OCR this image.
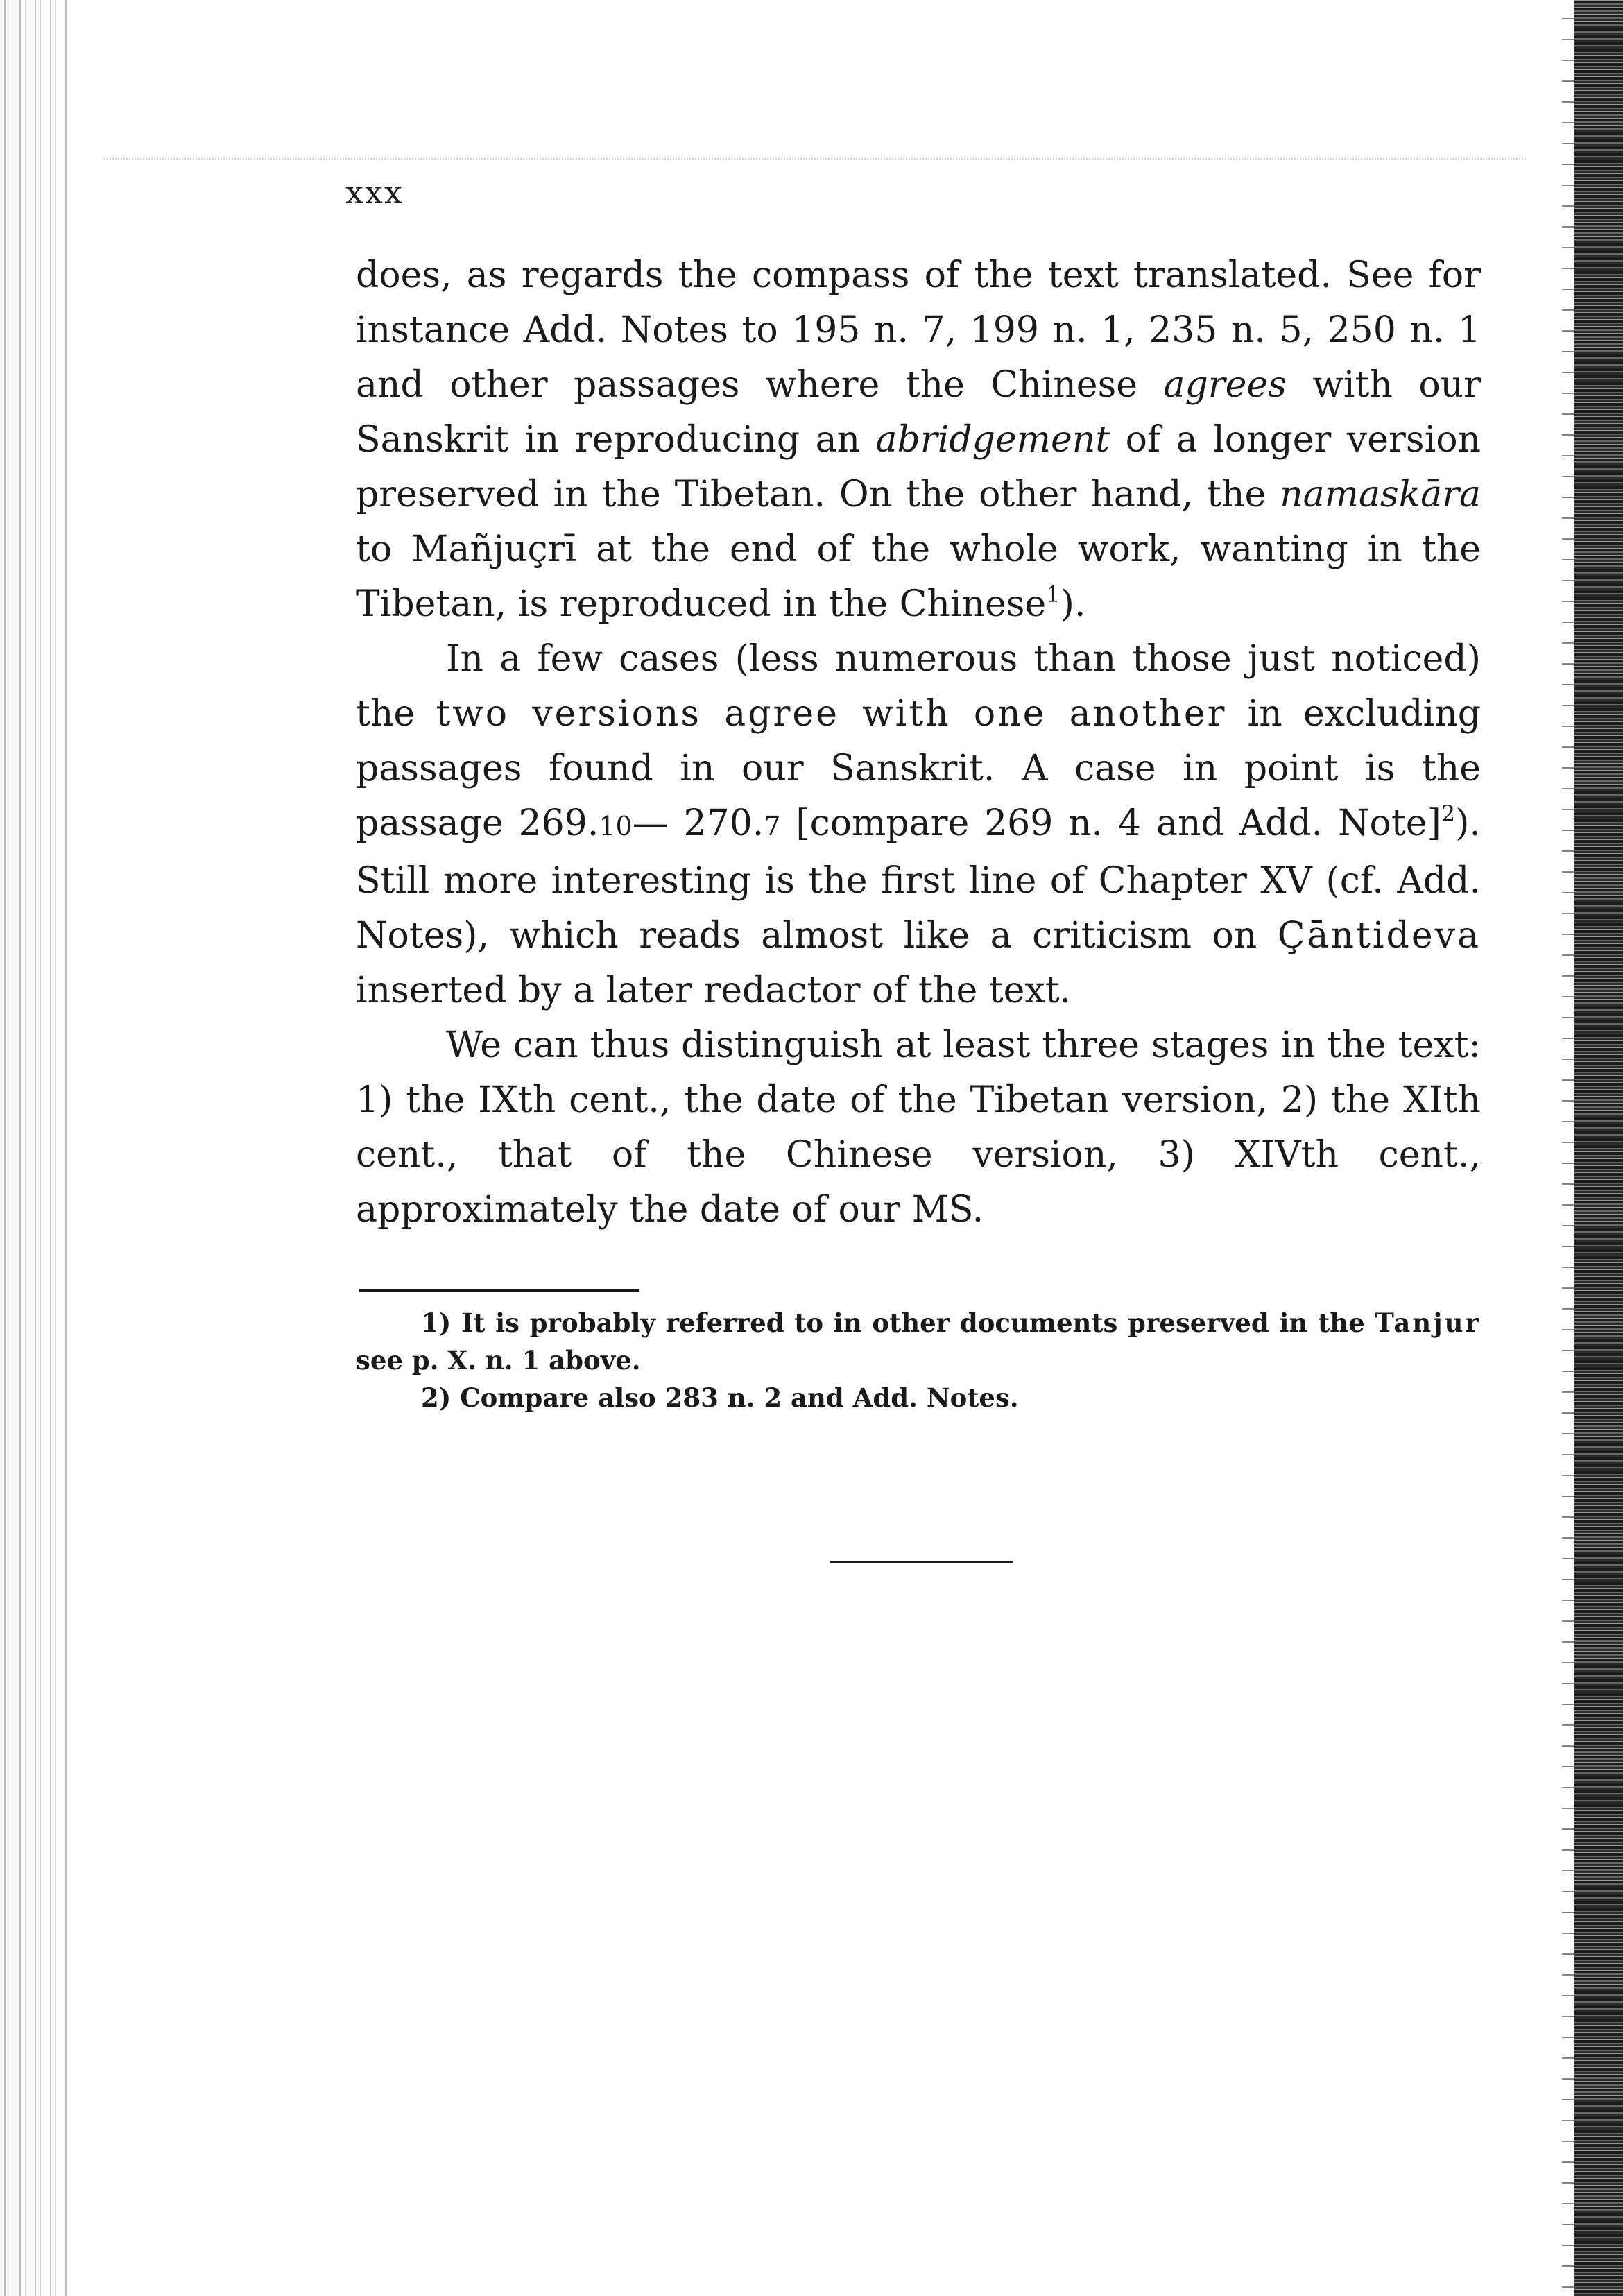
xxx

does, as regards the compass of the text translated. See for instance Add. Notes to 195 n. 7, 199 n. 1, 235 n. 5, 250 n. 1 and other passages where the Chinese agrees with our Sanskrit in reproducing an abridgement of a longer version preserved in the Tibetan. On the other hand, the namaskāra to Mañjuçrī at the end of the whole work, wanting in the Tibetan, is reproduced in the Chinese$^1$).

In a few cases (less numerous than those just noticed) the two versions agree with one another in excluding passages found in our Sanskrit. A case in point is the passage 269.10— 270.7 [compare 269 n. 4 and Add. Note]$^2$). Still more interesting is the first line of Chapter XV (cf. Add. Notes), which reads almost like a criticism on Çāntideva inserted by a later redactor of the text.

We can thus distinguish at least three stages in the text: 1) the IXth cent., the date of the Tibetan version, 2) the XIth cent., that of the Chinese version, 3) XIVth cent., approximately the date of our MS.

1) It is probably referred to in other documents preserved in the Tanjur see p. X. n. 1 above.

2) Compare also 283 n. 2 and Add. Notes.
